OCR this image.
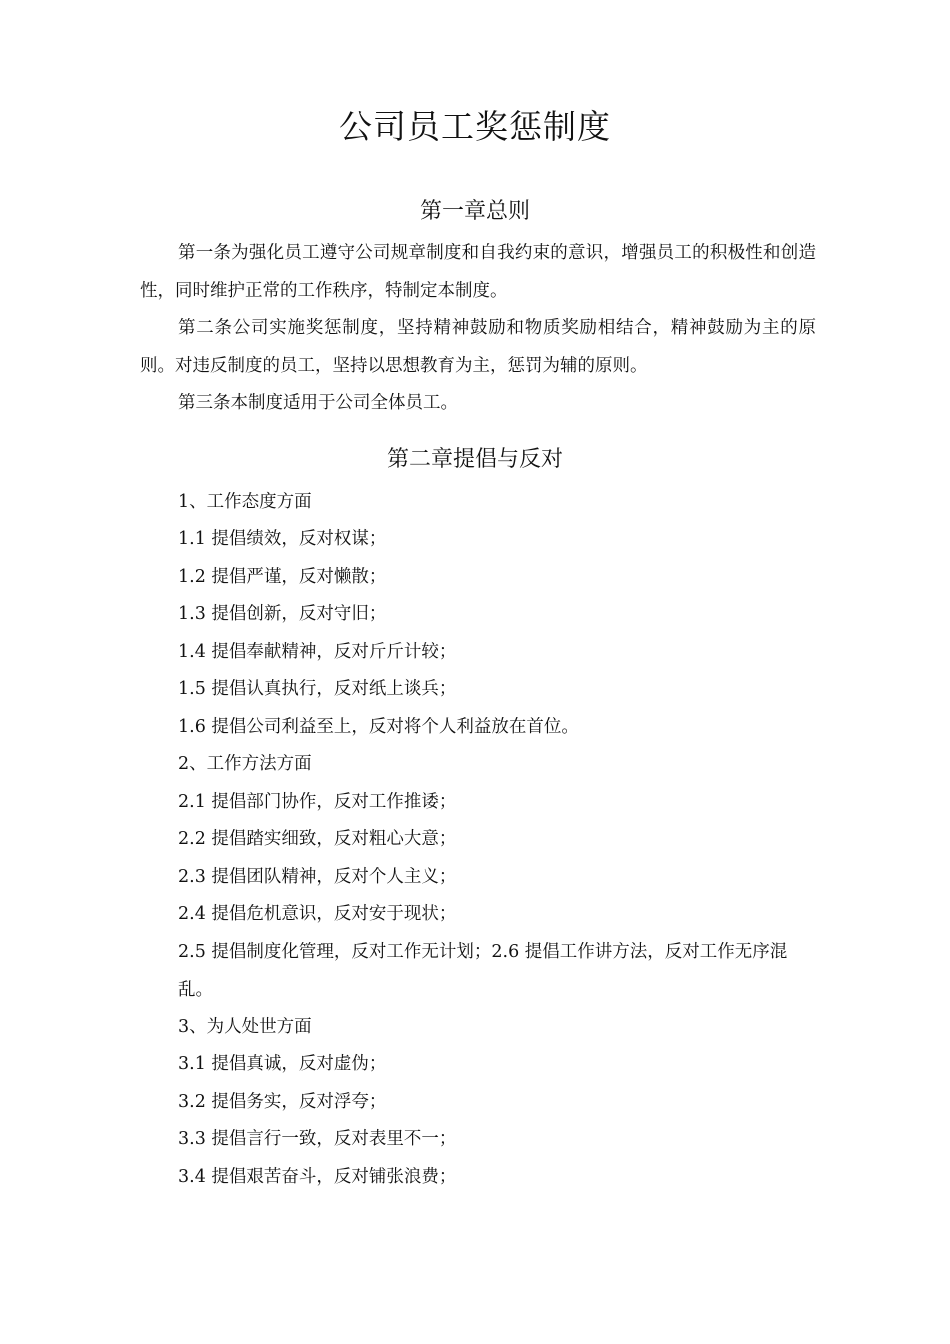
公司员工奖惩制度
第一章总则

第一条为强化员工遵守公司规章制度和自我约束的意识，增强员工的积极性和创造性，同时维护正常的工作秩序，特制定本制度。

第二条公司实施奖惩制度，坚持精神鼓励和物质奖励相结合，精神鼓励为主的原则。对违反制度的员工，坚持以思想教育为主，惩罚为辅的原则。

第三条本制度适用于公司全体员工。

第二章提倡与反对

1、工作态度方面

1.1 提倡绩效，反对权谋；

1.2 提倡严谨，反对懒散；

1.3 提倡创新，反对守旧；

1.4 提倡奉献精神，反对斤斤计较；

1.5 提倡认真执行，反对纸上谈兵；

1.6 提倡公司利益至上，反对将个人利益放在首位。

2、工作方法方面

2.1 提倡部门协作，反对工作推诿；

2.2 提倡踏实细致，反对粗心大意；

2.3 提倡团队精神，反对个人主义；

2.4 提倡危机意识，反对安于现状；

2.5 提倡制度化管理，反对工作无计划；2.6 提倡工作讲方法，反对工作无序混乱。

3、为人处世方面

3.1 提倡真诚，反对虚伪；

3.2 提倡务实，反对浮夸；

3.3 提倡言行一致，反对表里不一；

3.4 提倡艰苦奋斗，反对铺张浪费；
